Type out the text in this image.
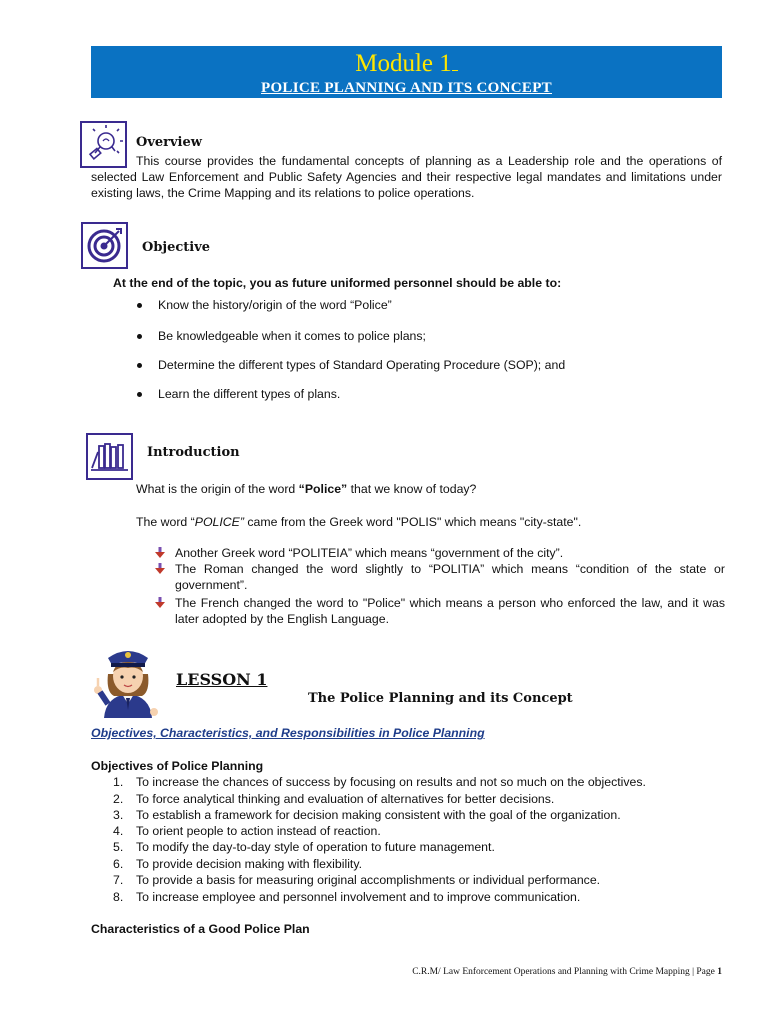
Module 1
POLICE PLANNING AND ITS CONCEPT
Overview
This course provides the fundamental concepts of planning as a Leadership role and the operations of selected Law Enforcement and Public Safety Agencies and their respective legal mandates and limitations under existing laws, the Crime Mapping and its relations to police operations.
Objective
At the end of the topic, you as future uniformed personnel should be able to:
Know the history/origin of the word “Police”
Be knowledgeable when it comes to police plans;
Determine the different types of Standard Operating Procedure (SOP); and
Learn the different types of plans.
Introduction
What is the origin of the word “Police” that we know of today?
The word “POLICE” came from the Greek word "POLIS" which means "city-state".
Another Greek word “POLITEIA” which means “government of the city”.
The Roman changed the word slightly to “POLITIA” which means “condition of the state or government”.
The French changed the word to "Police" which means a person who enforced the law, and it was later adopted by the English Language.
LESSON 1
The Police Planning and its Concept
Objectives, Characteristics, and Responsibilities in Police Planning
Objectives of Police Planning
1.	To increase the chances of success by focusing on results and not so much on the objectives.
2.	To force analytical thinking and evaluation of alternatives for better decisions.
3.	To establish a framework for decision making consistent with the goal of the organization.
4.	To orient people to action instead of reaction.
5.	To modify the day-to-day style of operation to future management.
6.	To provide decision making with flexibility.
7.	To provide a basis for measuring original accomplishments or individual performance.
8.	To increase employee and personnel involvement and to improve communication.
Characteristics of a Good Police Plan
C.R.M/ Law Enforcement Operations and Planning with Crime Mapping | Page 1
